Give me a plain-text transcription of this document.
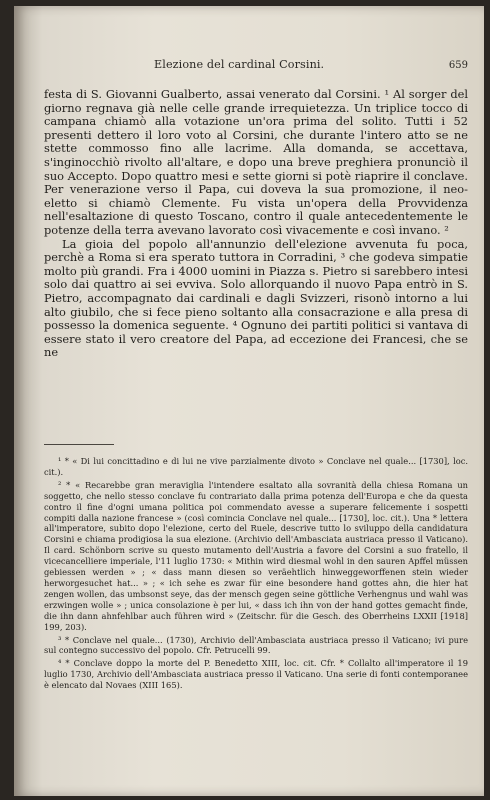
Elezione del cardinal Corsini.	659

festa di S. Giovanni Gualberto, assai venerato dal Corsini. ¹ Al sorger del giorno regnava già nelle celle grande irrequietezza. Un triplice tocco di campana chiamò alla votazione un'ora prima del solito. Tutti i 52 presenti dettero il loro voto al Corsini, che durante l'intero atto se ne stette commosso fino alle lacrime. Alla domanda, se accettava, s'inginocchiò rivolto all'altare, e dopo una breve preghiera pronunciò il suo Accepto. Dopo quattro mesi e sette giorni si potè riaprire il conclave. Per venerazione verso il Papa, cui doveva la sua promozione, il neo-eletto si chiamò Clemente. Fu vista un'opera della Provvidenza nell'esaltazione di questo Toscano, contro il quale antecedentemente le potenze della terra avevano lavorato così vivacemente e così invano. ²

La gioia del popolo all'annunzio dell'elezione avvenuta fu poca, perchè a Roma si era sperato tuttora in Corradini, ³ che godeva simpatie molto più grandi. Fra i 4000 uomini in Piazza s. Pietro si sarebbero intesi solo dai quattro ai sei evviva. Solo allorquando il nuovo Papa entrò in S. Pietro, accompagnato dai cardinali e dagli Svizzeri, risonò intorno a lui alto giubilo, che si fece pieno soltanto alla consacrazione e alla presa di possesso la domenica seguente. ⁴ Ognuno dei partiti politici si vantava di essere stato il vero creatore del Papa, ad eccezione dei Francesi, che se ne

¹ * « Di lui concittadino e di lui ne vive parzialmente divoto » Conclave nel quale... [1730], loc. cit.).

² * « Recarebbe gran meraviglia l'intendere esaltato alla sovranità della chiesa Romana un soggetto, che nello stesso conclave fu contrariato dalla prima potenza dell'Europa e che da questa contro il fine d'ogni umana politica poi commendato avesse a superare felicemente i sospetti compiti dalla nazione francese » (così comincia Conclave nel quale... [1730], loc. cit.). Una * lettera all'imperatore, subito dopo l'elezione, certo del Ruele, descrive tutto lo sviluppo della candidatura Corsini e chiama prodigiosa la sua elezione. (Archivio dell'Ambasciata austriaca presso il Vaticano). Il card. Schönborn scrive su questo mutamento dell'Austria a favore del Corsini a suo fratello, il vicecancelliere imperiale, l'11 luglio 1730: « Mithin wird diesmal wohl in den sauren Apffel müssen gebiessen werden » ; « dass mann diesen so veräehtlich hinweggeworffenen stein wieder herworgesuchet hat... » ; « ich sehe es zwar für eine besondere hand gottes ahn, die hier hat zengen wollen, das umbsonst seye, das der mensch gegen seine göttliche Verhengnus und wahl was erzwingen wolle » ; unica consolazione è per lui, « dass ich ihn von der hand gottes gemacht finde, die ihn dann ahnfehlbar auch führen wird » (Zeitschr. für die Gesch. des Oberrheins LXXII [1918] 199, 203).

³ * Conclave nel quale... (1730), Archivio dell'Ambasciata austriaca presso il Vaticano; ivi pure sul contegno successivo del popolo. Cfr. Petrucelli 99.

⁴ * Conclave doppo la morte del P. Benedetto XIII, loc. cit. Cfr. * Collalto all'imperatore il 19 luglio 1730, Archivio dell'Ambasciata austriaca presso il Vaticano. Una serie di fonti contemporanee è elencato dal Novaes (XIII 165).
